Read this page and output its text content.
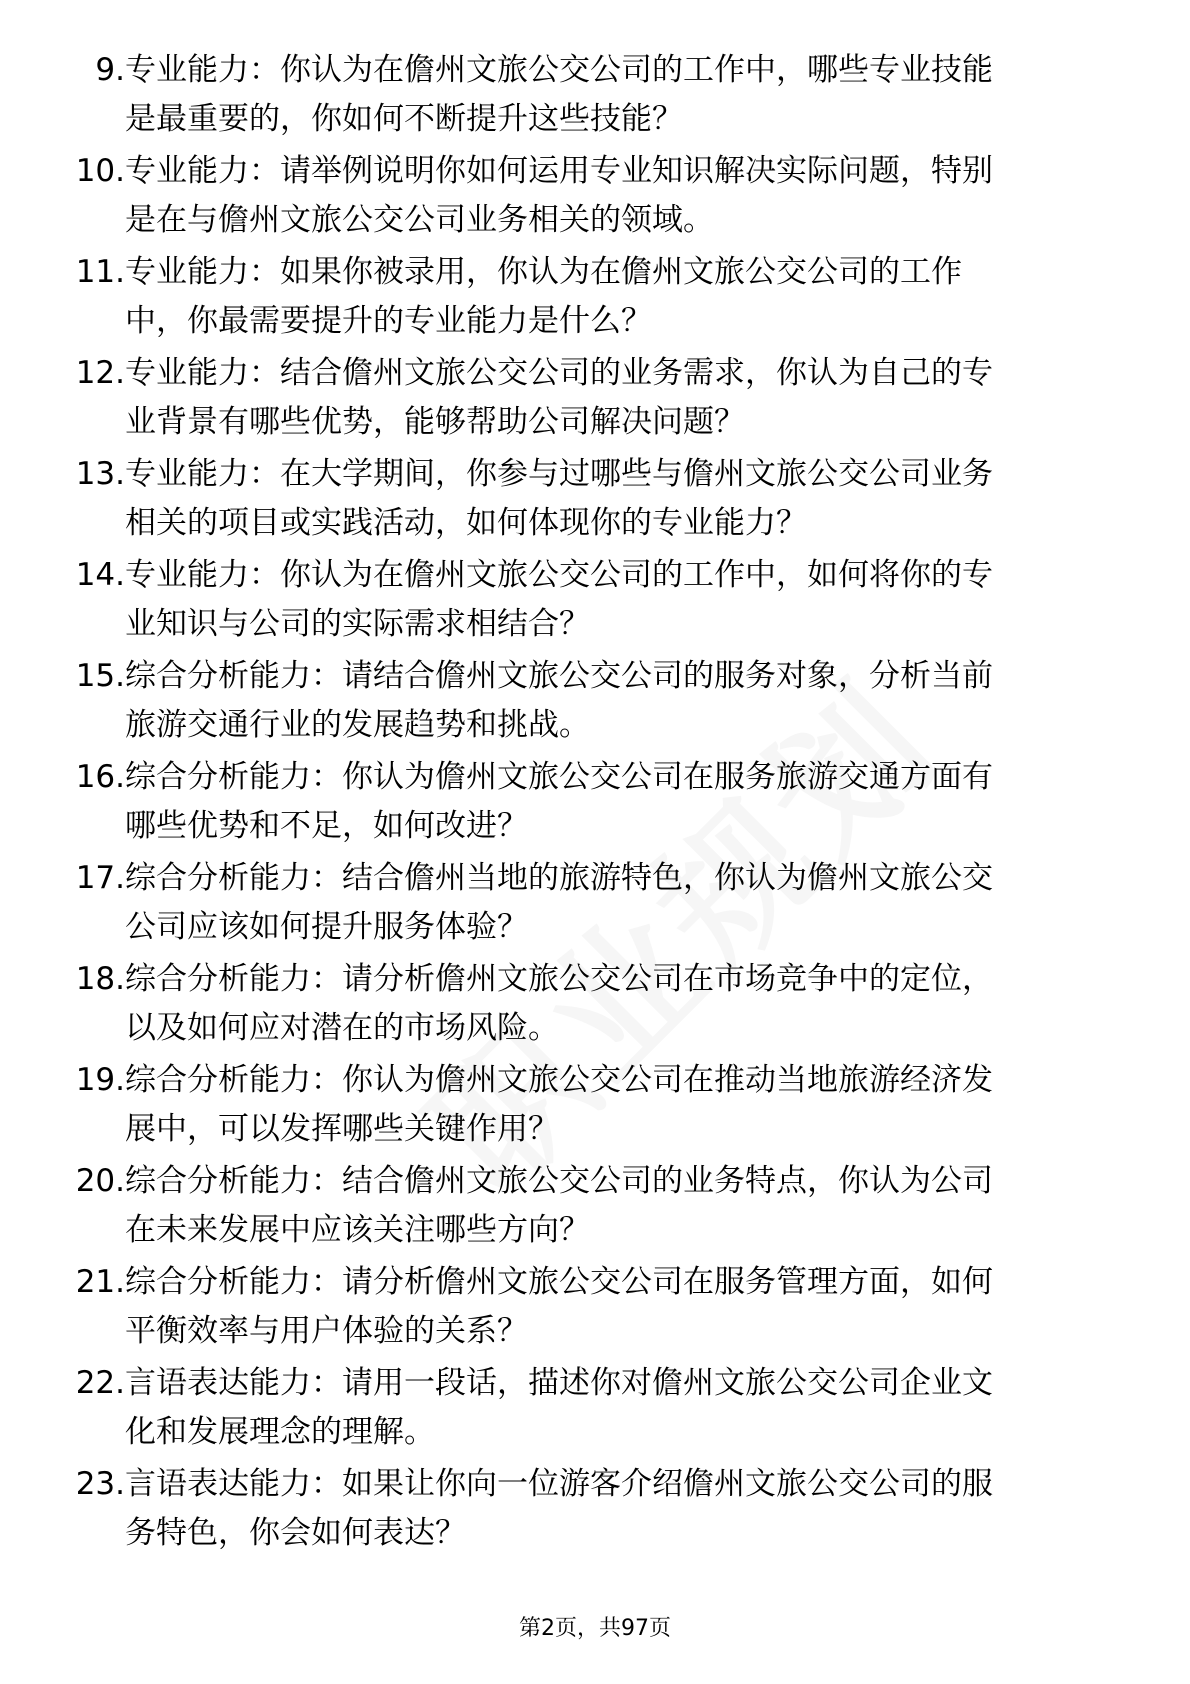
9. 专业能力：你认为在儋州文旅公交公司的工作中，哪些专业技能
是最重要的，你如何不断提升这些技能？
10. 专业能力：请举例说明你如何运用专业知识解决实际问题，特别
是在与儋州文旅公交公司业务相关的领域。
11. 专业能力：如果你被录用，你认为在儋州文旅公交公司的工作
中，你最需要提升的专业能力是什么？
12. 专业能力：结合儋州文旅公交公司的业务需求，你认为自己的专
业背景有哪些优势，能够帮助公司解决问题？
13. 专业能力：在大学期间，你参与过哪些与儋州文旅公交公司业务
相关的项目或实践活动，如何体现你的专业能力？
14. 专业能力：你认为在儋州文旅公交公司的工作中，如何将你的专
业知识与公司的实际需求相结合？
15. 综合分析能力：请结合儋州文旅公交公司的服务对象，分析当前
旅游交通行业的发展趋势和挑战。
16. 综合分析能力：你认为儋州文旅公交公司在服务旅游交通方面有
哪些优势和不足，如何改进？
17. 综合分析能力：结合儋州当地的旅游特色，你认为儋州文旅公交
公司应该如何提升服务体验？
18. 综合分析能力：请分析儋州文旅公交公司在市场竞争中的定位，
以及如何应对潜在的市场风险。
19. 综合分析能力：你认为儋州文旅公交公司在推动当地旅游经济发
展中，可以发挥哪些关键作用？
20. 综合分析能力：结合儋州文旅公交公司的业务特点，你认为公司
在未来发展中应该关注哪些方向？
21. 综合分析能力：请分析儋州文旅公交公司在服务管理方面，如何
平衡效率与用户体验的关系？
22. 言语表达能力：请用一段话，描述你对儋州文旅公交公司企业文
化和发展理念的理解。
23. 言语表达能力：如果让你向一位游客介绍儋州文旅公交公司的服
务特色，你会如何表达？
第2页，共97页
